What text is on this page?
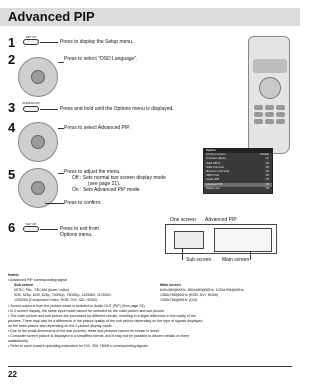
Advanced PIP
1	SET UP
Press to display the Setup menu.
2	Press to select “OSD Language”.
3	SURROUND
Press and hold until the Options menu is displayed.
4	Press to select Advanced PIP.
Options
Off timer function	Disable
Onscreen display	On
Initial INPUT	Off
Initial VOL level	Off
Maximum VOL level	Off
INPUT lock	Off
Studio W/B	Off
Advanced PIP	Off
Display size	Off
5	Press to adjust the menu.
Off : Sets normal two screen display mode
(see page 21).
On : Sets Advanced PIP mode.
Press to confirm.
6	SET UP
Press to exit from
Options menu.
One screen Advanced PIP
Sub screen Main screen
Notes:
• Advanced PIP corresponding signal
Sub screen
NTSC, PAL, SECAM (tuner, video)
525i, 525p, 625i, 625p, 750/60p, 750/50p, 1125/60i, 1125/50i,
1250/50i (Component Video, RGB, DVI, SDI, HDMI)
Main screen
640x480@60Hz, 852x480@60Hz, 1024x768@60Hz,
1366x768@60Hz (RGB, DVI, HDMI)
1280x768@60Hz (DVI)
• Sound output is from the picture which is selected in Audio OUT (PIP) (See page 25).
• In 2 screen display, the same input mode cannot be selected for the main picture and sub picture.
• The main picture and sub picture are processed by different circuits, resulting in a slight difference in the clarity of the
pictures. There may also be a difference in the picture quality of the sub picture depending on the type of signals displayed
on the main picture and depending on the 2-picture display mode.
• Due to the small dimensions of the sub pictures, these sub-pictures cannot be shown in detail.
• Computer screen picture is displayed in a simplified format, and it may not be possible to discern details on them
satisfactorily.
• Refer to each board’s operating instruction for DVI, SDI, HDMI’s corresponding signals.
22
